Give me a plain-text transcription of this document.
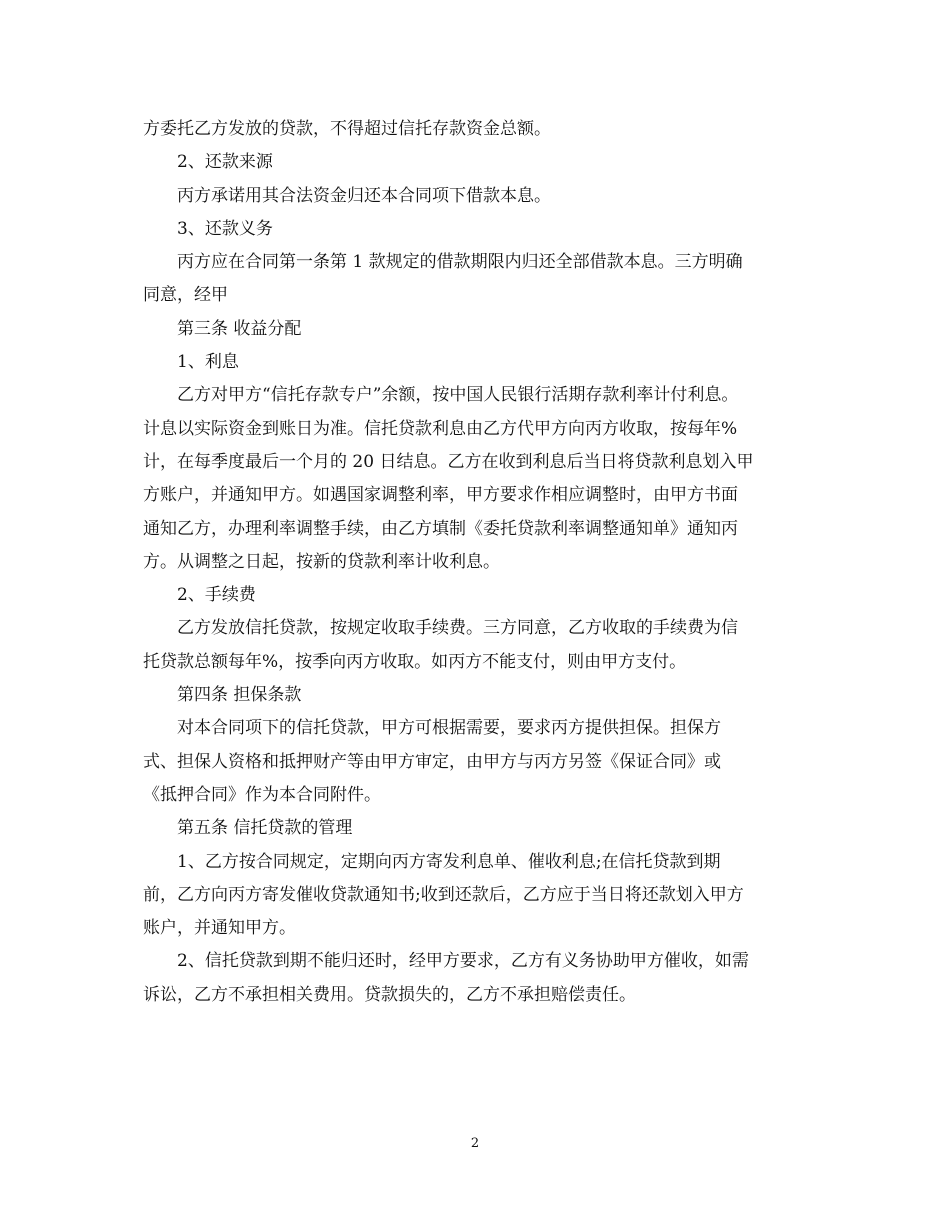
方委托乙方发放的贷款，不得超过信托存款资金总额。
2、还款来源
丙方承诺用其合法资金归还本合同项下借款本息。
3、还款义务
丙方应在合同第一条第 1 款规定的借款期限内归还全部借款本息。三方明确
同意，经甲
第三条 收益分配
1、利息
乙方对甲方“信托存款专户”余额，按中国人民银行活期存款利率计付利息。
计息以实际资金到账日为准。信托贷款利息由乙方代甲方向丙方收取，按每年%
计，在每季度最后一个月的 20 日结息。乙方在收到利息后当日将贷款利息划入甲
方账户，并通知甲方。如遇国家调整利率，甲方要求作相应调整时，由甲方书面
通知乙方，办理利率调整手续，由乙方填制《委托贷款利率调整通知单》通知丙
方。从调整之日起，按新的贷款利率计收利息。
2、手续费
乙方发放信托贷款，按规定收取手续费。三方同意，乙方收取的手续费为信
托贷款总额每年%，按季向丙方收取。如丙方不能支付，则由甲方支付。
第四条 担保条款
对本合同项下的信托贷款，甲方可根据需要，要求丙方提供担保。担保方
式、担保人资格和抵押财产等由甲方审定，由甲方与丙方另签《保证合同》或
《抵押合同》作为本合同附件。
第五条 信托贷款的管理
1、乙方按合同规定，定期向丙方寄发利息单、催收利息;在信托贷款到期
前，乙方向丙方寄发催收贷款通知书;收到还款后，乙方应于当日将还款划入甲方
账户，并通知甲方。
2、信托贷款到期不能归还时，经甲方要求，乙方有义务协助甲方催收，如需
诉讼，乙方不承担相关费用。贷款损失的，乙方不承担赔偿责任。
2
